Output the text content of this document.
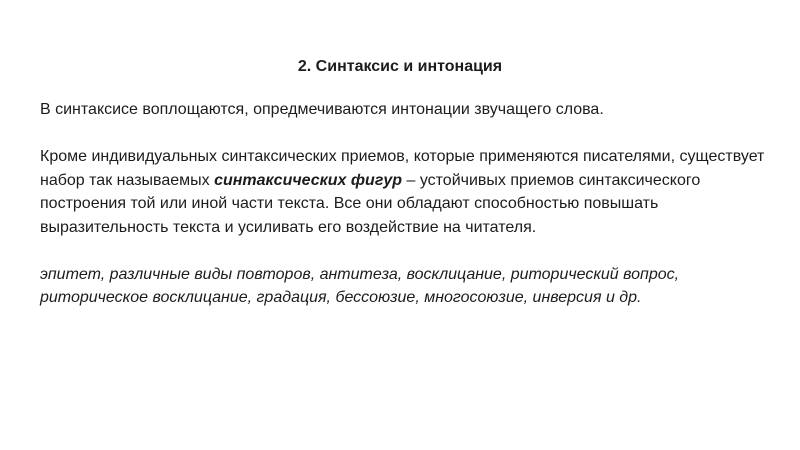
2. Синтаксис и интонация

В синтаксисе воплощаются, опредмечиваются интонации звучащего слова.

Кроме индивидуальных синтаксических приемов, которые применяются писателями, существует набор так называемых синтаксических фигур – устойчивых приемов синтаксического построения той или иной части текста. Все они обладают способностью повышать выразительность текста и усиливать его воздействие на читателя.

эпитет, различные виды повторов, антитеза, восклицание, риторический вопрос, риторическое восклицание, градация, бессоюзие, многосоюзие, инверсия и др.
